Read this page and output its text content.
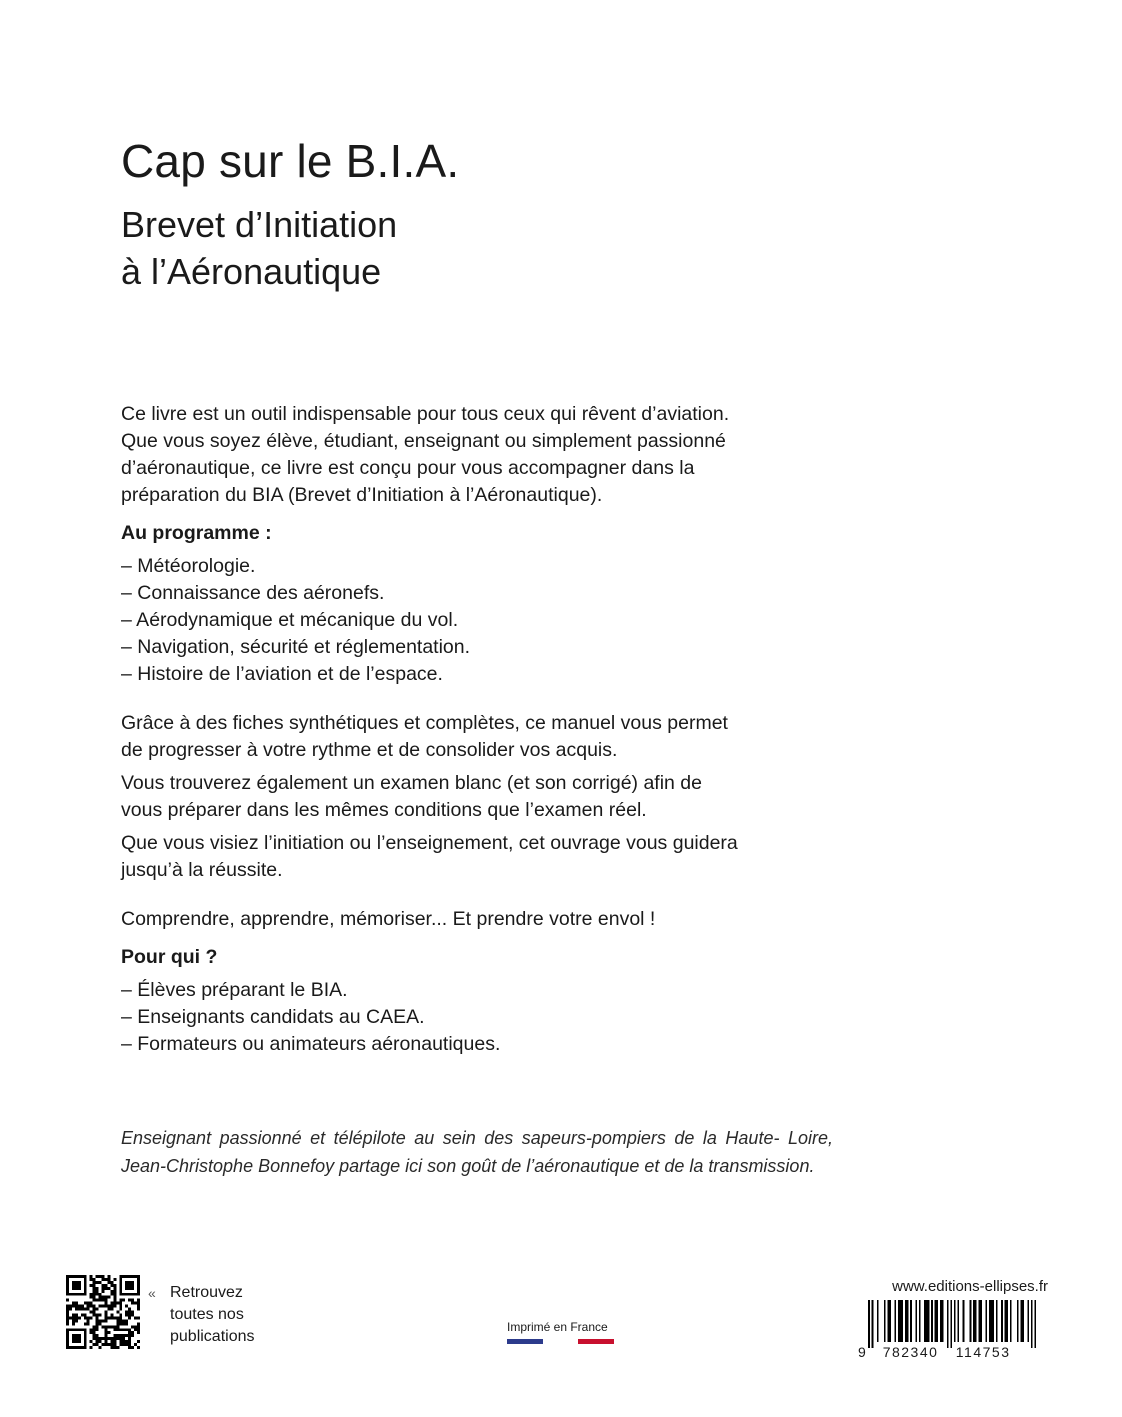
Cap sur le B.I.A.
Brevet d’Initiation
à l’Aéronautique

Ce livre est un outil indispensable pour tous ceux qui rêvent d’aviation.
Que vous soyez élève, étudiant, enseignant ou simplement passionné
d’aéronautique, ce livre est conçu pour vous accompagner dans la
préparation du BIA (Brevet d’Initiation à l’Aéronautique).

Au programme :

– Météorologie.
– Connaissance des aéronefs.
– Aérodynamique et mécanique du vol.
– Navigation, sécurité et réglementation.
– Histoire de l’aviation et de l’espace.

Grâce à des fiches synthétiques et complètes, ce manuel vous permet
de progresser à votre rythme et de consolider vos acquis.

Vous trouverez également un examen blanc (et son corrigé) afin de
vous préparer dans les mêmes conditions que l’examen réel.

Que vous visiez l’initiation ou l’enseignement, cet ouvrage vous guidera
jusqu’à la réussite.

Comprendre, apprendre, mémoriser... Et prendre votre envol !

Pour qui ?

– Élèves préparant le BIA.
– Enseignants candidats au CAEA.
– Formateurs ou animateurs aéronautiques.
Enseignant passionné et télépilote au sein des sapeurs-pompiers de la Haute- Loire, Jean-Christophe Bonnefoy partage ici son goût de l’aéronautique et de la transmission.
« Retrouvez
toutes nos
publications
Imprimé en France
www.editions-ellipses.fr
9 782340 114753
